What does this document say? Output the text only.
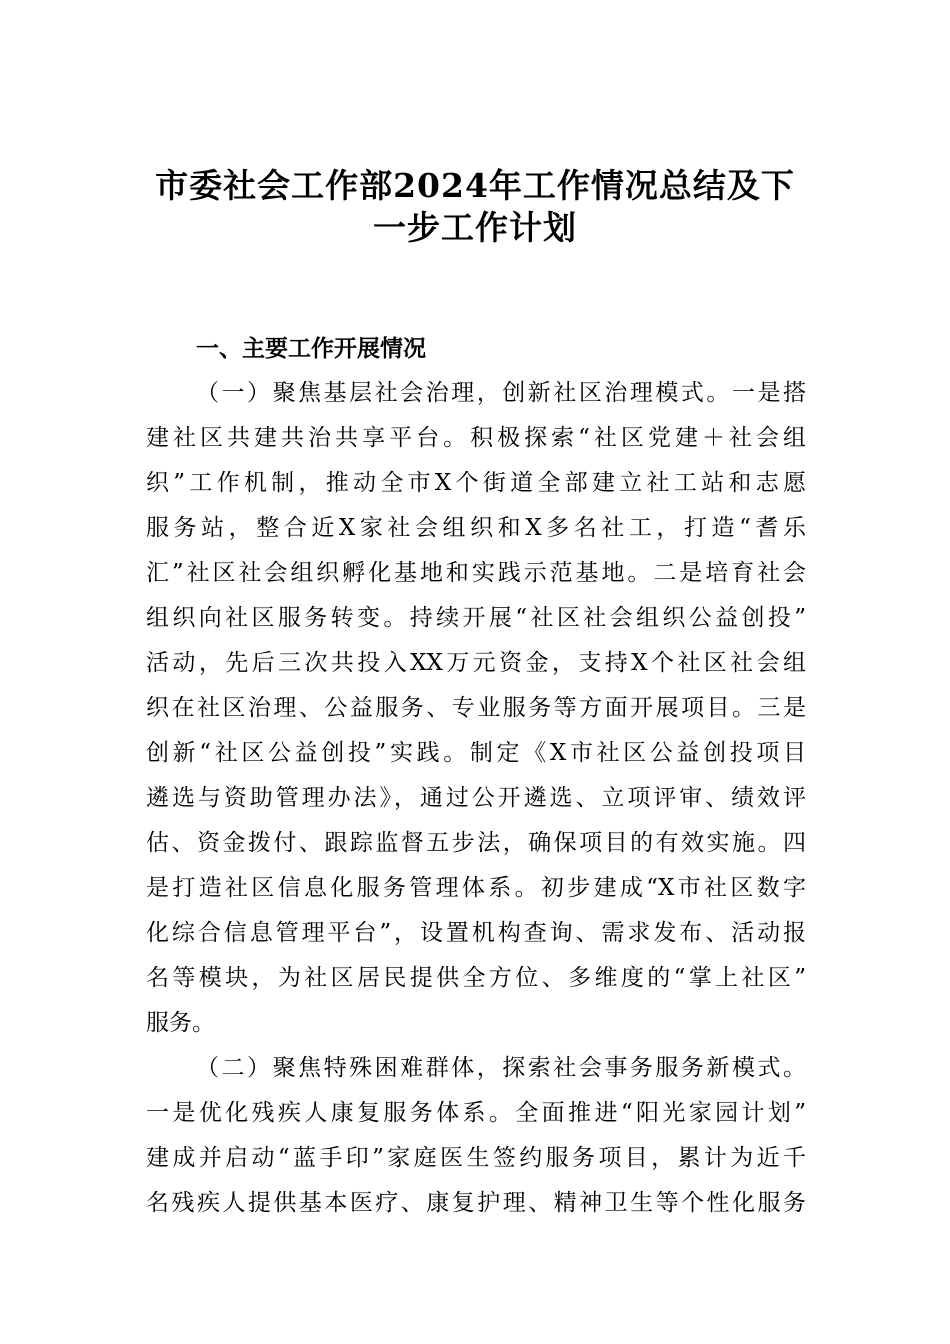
市委社会工作部2024年工作情况总结及下
一步工作计划
一、主要工作开展情况
（一）聚焦基层社会治理，创新社区治理模式。一是搭
建社区共建共治共享平台。积极探索“社区党建＋社会组
织”工作机制，推动全市X个街道全部建立社工站和志愿
服务站，整合近X家社会组织和X多名社工，打造“耆乐
汇”社区社会组织孵化基地和实践示范基地。二是培育社会
组织向社区服务转变。持续开展“社区社会组织公益创投”
活动，先后三次共投入XX万元资金，支持X个社区社会组
织在社区治理、公益服务、专业服务等方面开展项目。三是
创新“社区公益创投”实践。制定《X市社区公益创投项目
遴选与资助管理办法》，通过公开遴选、立项评审、绩效评
估、资金拨付、跟踪监督五步法，确保项目的有效实施。四
是打造社区信息化服务管理体系。初步建成“X市社区数字
化综合信息管理平台”，设置机构查询、需求发布、活动报
名等模块，为社区居民提供全方位、多维度的“掌上社区”
服务。
（二）聚焦特殊困难群体，探索社会事务服务新模式。
一是优化残疾人康复服务体系。全面推进“阳光家园计划”
建成并启动“蓝手印”家庭医生签约服务项目，累计为近千
名残疾人提供基本医疗、康复护理、精神卫生等个性化服务
